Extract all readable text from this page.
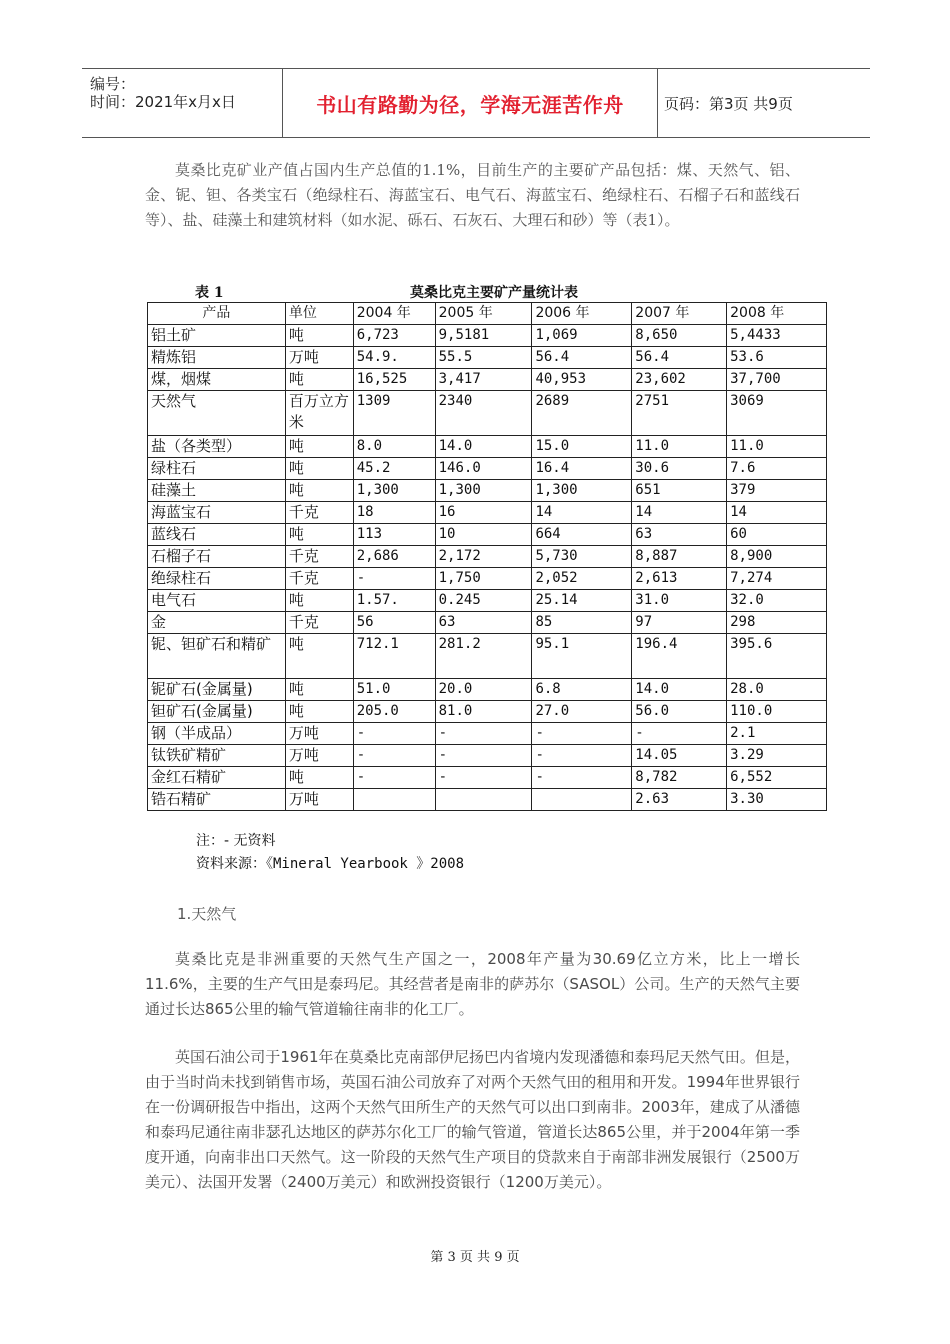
编号：
时间：2021年x月x日	书山有路勤为径，学海无涯苦作舟	页码：第3页 共9页

莫桑比克矿业产值占国内生产总值的1.1%，目前生产的主要矿产品包括：煤、天然气、铝、金、铌、钽、各类宝石（绝绿柱石、海蓝宝石、电气石、海蓝宝石、绝绿柱石、石榴子石和蓝线石等）、盐、硅藻土和建筑材料（如水泥、砾石、石灰石、大理石和砂）等（表1）。

表 1	莫桑比克主要矿产量统计表
产品	单位	2004 年	2005 年	2006 年	2007 年	2008 年
铝土矿	吨	6,723	9,5181	1,069	8,650	5,4433
精炼铝	万吨	54.9.	55.5	56.4	56.4	53.6
煤，烟煤	吨	16,525	3,417	40,953	23,602	37,700
天然气	百万立方米	1309	2340	2689	2751	3069
盐（各类型）	吨	8.0	14.0	15.0	11.0	11.0
绿柱石	吨	45.2	146.0	16.4	30.6	7.6
硅藻土	吨	1,300	1,300	1,300	651	379
海蓝宝石	千克	18	16	14	14	14
蓝线石	吨	113	10	664	63	60
石榴子石	千克	2,686	2,172	5,730	8,887	8,900
绝绿柱石	千克	-	1,750	2,052	2,613	7,274
电气石	吨	1.57.	0.245	25.14	31.0	32.0
金	千克	56	63	85	97	298
铌、钽矿石和精矿	吨	712.1	281.2	95.1	196.4	395.6
铌矿石(金属量)	吨	51.0	20.0	6.8	14.0	28.0
钽矿石(金属量)	吨	205.0	81.0	27.0	56.0	110.0
钢（半成品）	万吨	-	-	-	-	2.1
钛铁矿精矿	万吨	-	-	-	14.05	3.29
金红石精矿	吨	-	-	-	8,782	6,552
锆石精矿	万吨				2.63	3.30
注：- 无资料
资料来源：《Mineral Yearbook 》2008
1.天然气

莫桑比克是非洲重要的天然气生产国之一，2008年产量为30.69亿立方米，比上一增长11.6%，主要的生产气田是泰玛尼。其经营者是南非的萨苏尔（SASOL）公司。生产的天然气主要通过长达865公里的输气管道输往南非的化工厂。

英国石油公司于1961年在莫桑比克南部伊尼扬巴内省境内发现潘德和泰玛尼天然气田。但是，由于当时尚未找到销售市场，英国石油公司放弃了对两个天然气田的租用和开发。1994年世界银行在一份调研报告中指出，这两个天然气田所生产的天然气可以出口到南非。2003年，建成了从潘德和泰玛尼通往南非瑟孔达地区的萨苏尔化工厂的输气管道，管道长达865公里，并于2004年第一季度开通，向南非出口天然气。这一阶段的天然气生产项目的贷款来自于南部非洲发展银行（2500万美元）、法国开发署（2400万美元）和欧洲投资银行（1200万美元）。

第 3 页 共 9 页
